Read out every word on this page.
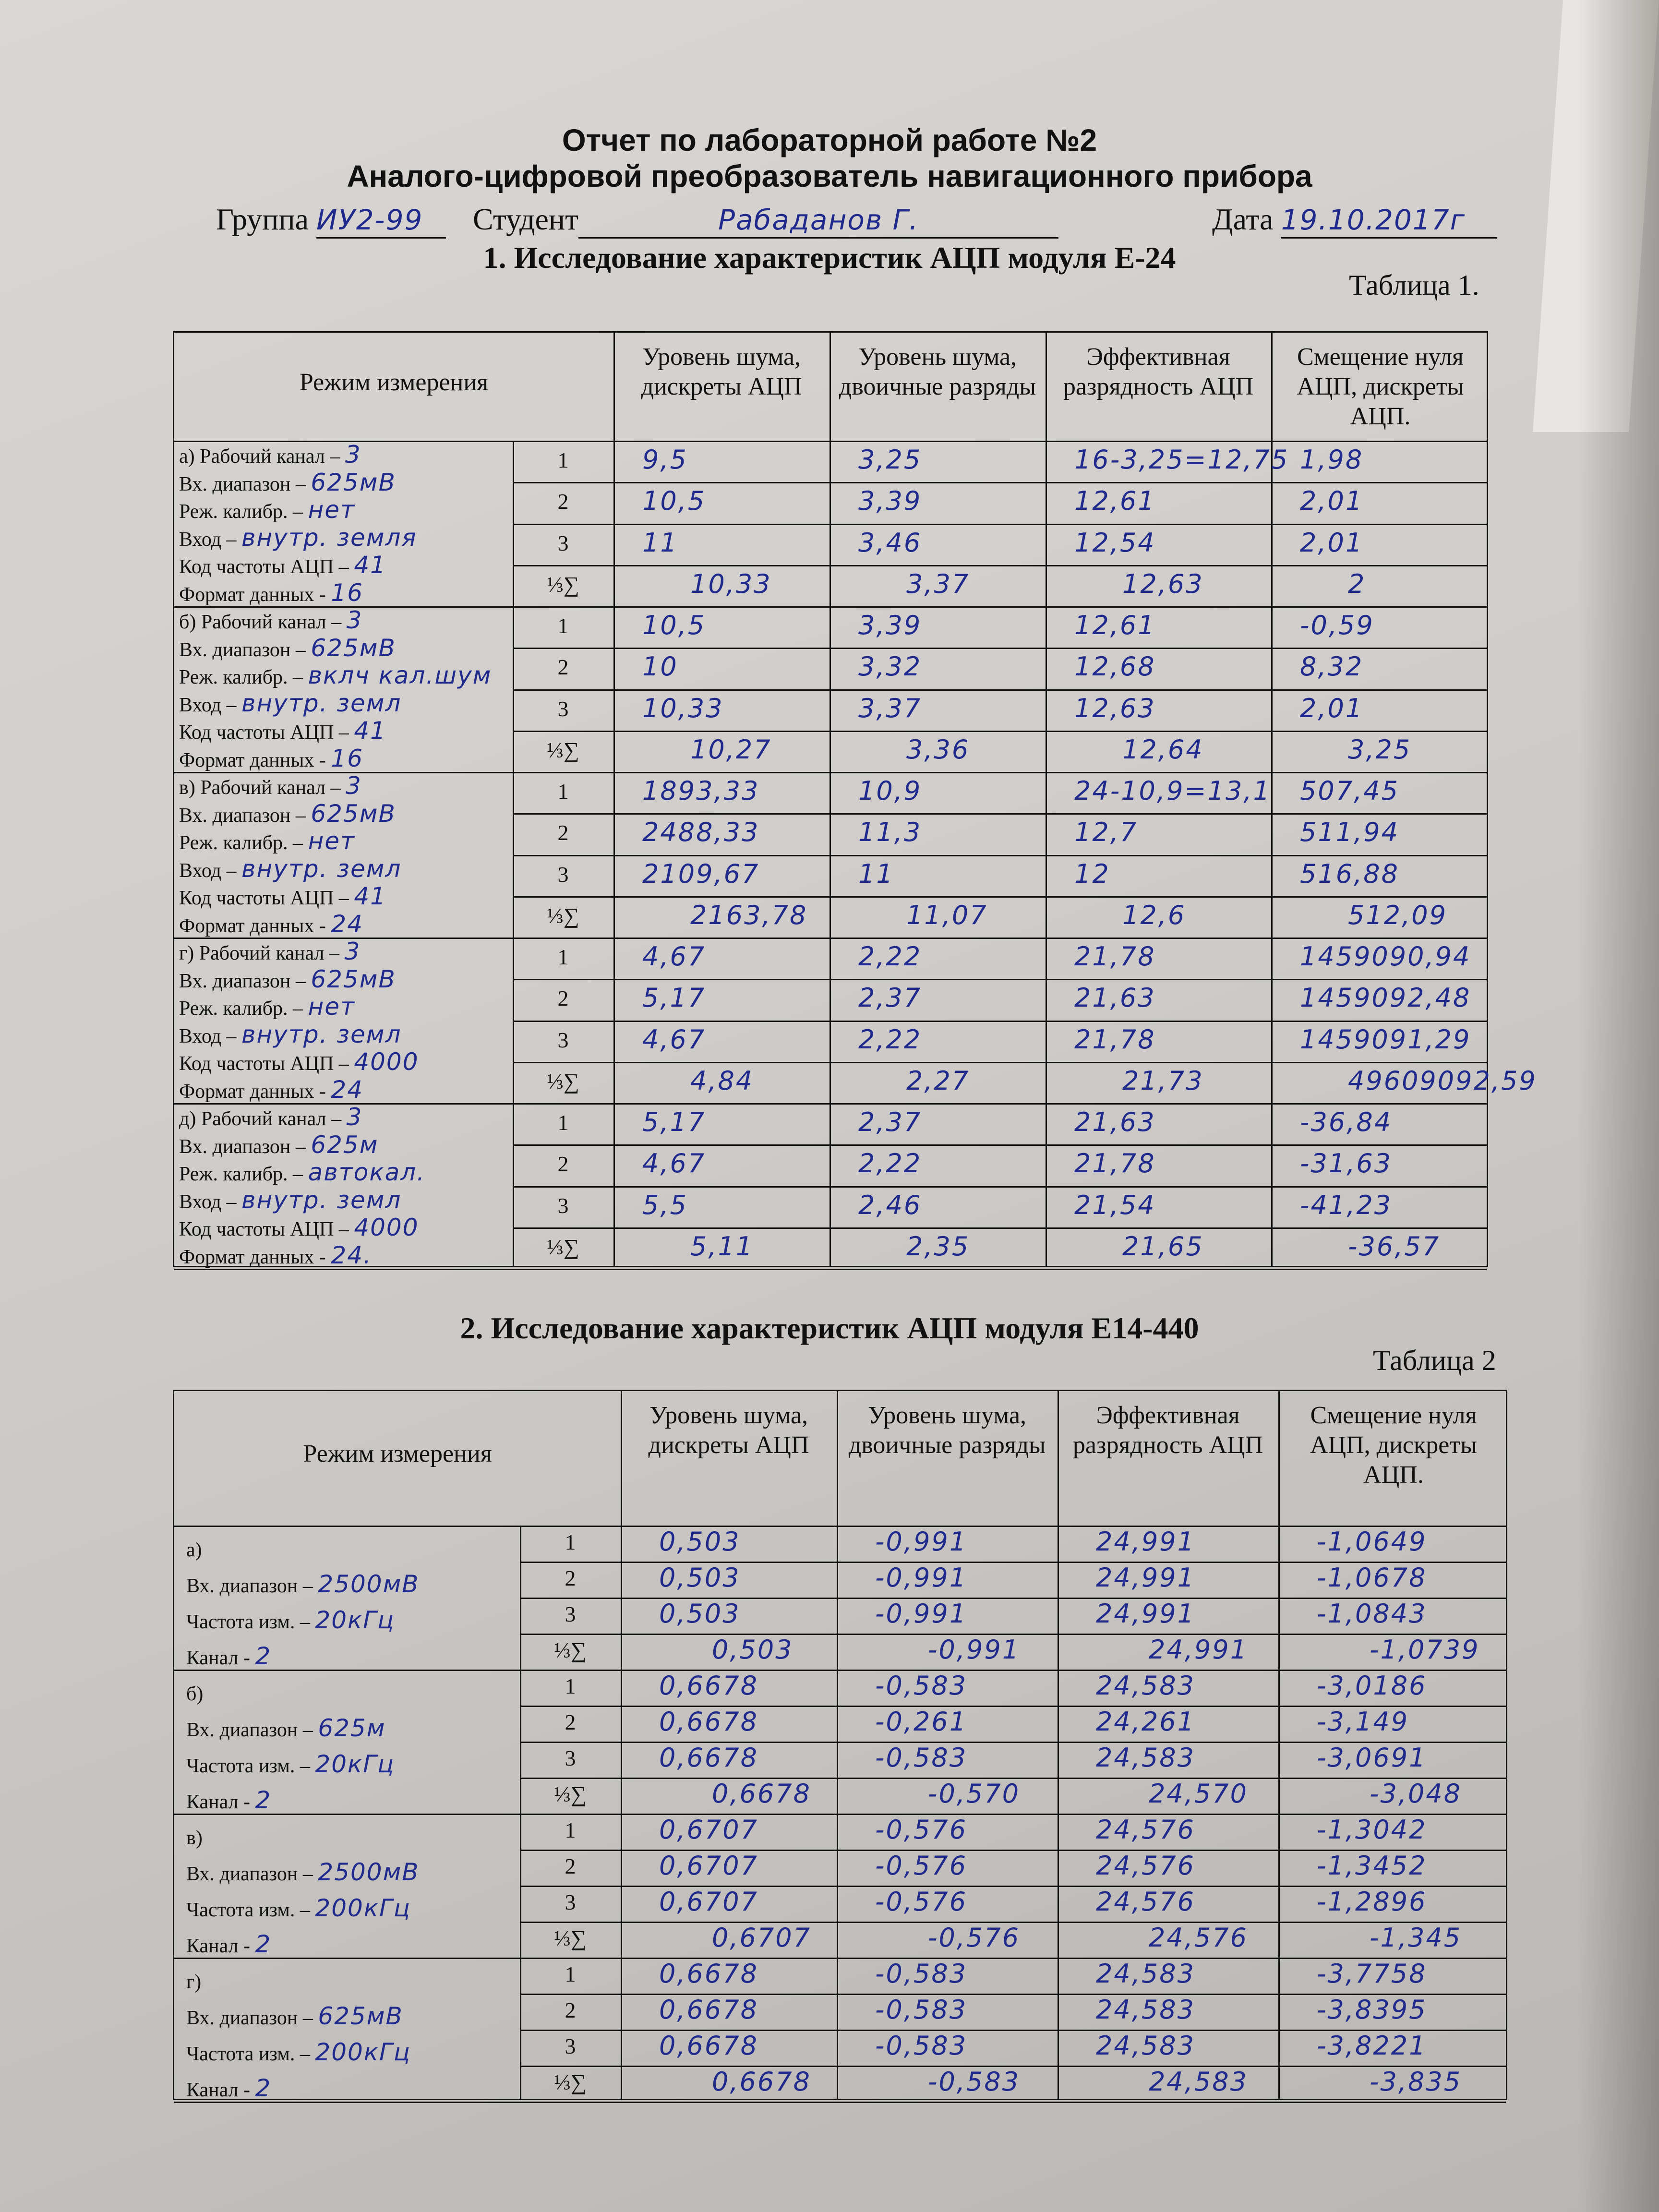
Отчет по лабораторной работе №2
Аналого-цифровой преобразователь навигационного прибора
Группа ИУ2-99	Студент	Рабаданов Г.	Дата 19.10.2017г
1. Исследование характеристик АЦП модуля Е-24
Таблица 1.
Режим измерения
Уровень шума, дискреты АЦП
Уровень шума, двоичные разряды
Эффективная разрядность АЦП
Смещение нуля АЦП, дискреты АЦП.
а) Рабочий канал – 3
Вх. диапазон – 625мВ
Реж. калибр. – нет
Вход – внутр. земля
Код частоты АЦП – 41
Формат данных - 16
1	9,5	3,25	16-3,25=12,75 1,98
2	10,5	3,39	12,61	2,01
3	11	3,46	12,54	2,01
⅓∑	10,33	3,37	12,63	2
б) Рабочий канал – 3
Вх. диапазон – 625мВ
Реж. калибр. – вклч кал.шум
Вход – внутр. земл
Код частоты АЦП – 41
Формат данных - 16
1	10,5	3,39	12,61	-0,59
2	10	3,32	12,68	8,32
3	10,33	3,37	12,63	2,01
⅓∑	10,27	3,36	12,64	3,25
в) Рабочий канал – 3
Вх. диапазон – 625мВ
Реж. калибр. – нет
Вход – внутр. земл
Код частоты АЦП – 41
Формат данных - 24
1	1893,33	10,9	24-10,9=13,1 507,45
2	2488,33	11,3	12,7	511,94
3	2109,67	11	12	516,88
⅓∑	2163,78	11,07	12,6	512,09
г) Рабочий канал – 3
Вх. диапазон – 625мВ
Реж. калибр. – нет
Вход – внутр. земл
Код частоты АЦП – 4000
Формат данных - 24
1	4,67	2,22	21,78	1459090,94
2	5,17	2,37	21,63	1459092,48
3	4,67	2,22	21,78	1459091,29
⅓∑	4,84	2,27	21,73	49609092,59
д) Рабочий канал – 3
Вх. диапазон – 625м
Реж. калибр. – автокал.
Вход – внутр. земл
Код частоты АЦП – 4000
Формат данных - 24.
1	5,17	2,37	21,63	-36,84
2	4,67	2,22	21,78	-31,63
3	5,5	2,46	21,54	-41,23
⅓∑	5,11	2,35	21,65	-36,57
2. Исследование характеристик АЦП модуля Е14-440
Таблица 2
Режим измерения
Уровень шума, дискреты АЦП
Уровень шума, двоичные разряды
Эффективная разрядность АЦП
Смещение нуля АЦП, дискреты АЦП.
а)
Вх. диапазон – 2500мВ
Частота изм. – 20кГц
Канал - 2
1	0,503	-0,991	24,991	-1,0649
2	0,503	-0,991	24,991	-1,0678
3	0,503	-0,991	24,991	-1,0843
⅓∑	0,503	-0,991	24,991	-1,0739
б)
Вх. диапазон – 625м
Частота изм. – 20кГц
Канал - 2
1	0,6678	-0,583	24,583	-3,0186
2	0,6678	-0,261	24,261	-3,149
3	0,6678	-0,583	24,583	-3,0691
⅓∑	0,6678	-0,570	24,570	-3,048
в)
Вх. диапазон – 2500мВ
Частота изм. – 200кГц
Канал - 2
1	0,6707	-0,576	24,576	-1,3042
2	0,6707	-0,576	24,576	-1,3452
3	0,6707	-0,576	24,576	-1,2896
⅓∑	0,6707	-0,576	24,576	-1,345
г)
Вх. диапазон – 625мВ
Частота изм. – 200кГц
Канал - 2
1	0,6678	-0,583	24,583	-3,7758
2	0,6678	-0,583	24,583	-3,8395
3	0,6678	-0,583	24,583	-3,8221
⅓∑	0,6678	-0,583	24,583	-3,835
